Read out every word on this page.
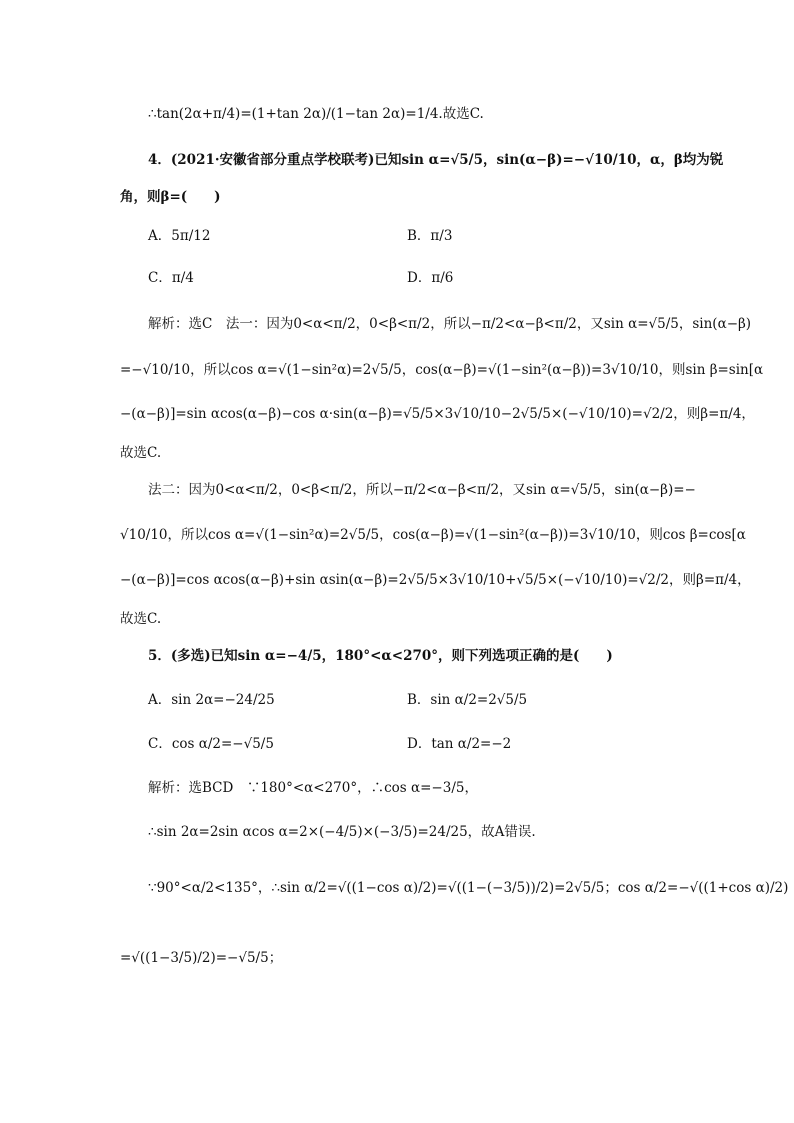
∴tan(2α+π/4)=(1+tan 2α)/(1−tan 2α)=1/4.故选C.
4．(2021·安徽省部分重点学校联考)已知sin α=√5/5，sin(α−β)=−√10/10，α，β均为锐
角，则β=(　　)
A．5π/12	B．π/3
C．π/4	D．π/6
解析：选C　法一：因为0<α<π/2，0<β<π/2，所以−π/2<α−β<π/2，又sin α=√5/5，sin(α−β)
=−√10/10，所以cos α=√(1−sin²α)=2√5/5，cos(α−β)=√(1−sin²(α−β))=3√10/10，则sin β=sin[α
−(α−β)]=sin αcos(α−β)−cos α·sin(α−β)=√5/5×3√10/10−2√5/5×(−√10/10)=√2/2，则β=π/4，
故选C.
法二：因为0<α<π/2，0<β<π/2，所以−π/2<α−β<π/2，又sin α=√5/5，sin(α−β)=−
√10/10，所以cos α=√(1−sin²α)=2√5/5，cos(α−β)=√(1−sin²(α−β))=3√10/10，则cos β=cos[α
−(α−β)]=cos αcos(α−β)+sin αsin(α−β)=2√5/5×3√10/10+√5/5×(−√10/10)=√2/2，则β=π/4，
故选C.
5．(多选)已知sin α=−4/5，180°<α<270°，则下列选项正确的是(　　)
A．sin 2α=−24/25	B．sin α/2=2√5/5
C．cos α/2=−√5/5	D．tan α/2=−2
解析：选BCD　∵180°<α<270°，∴cos α=−3/5，
∴sin 2α=2sin αcos α=2×(−4/5)×(−3/5)=24/25，故A错误.
∵90°<α/2<135°，∴sin α/2=√((1−cos α)/2)=√((1−(−3/5))/2)=2√5/5；cos α/2=−√((1+cos α)/2)
=√((1−3/5)/2)=−√5/5；
